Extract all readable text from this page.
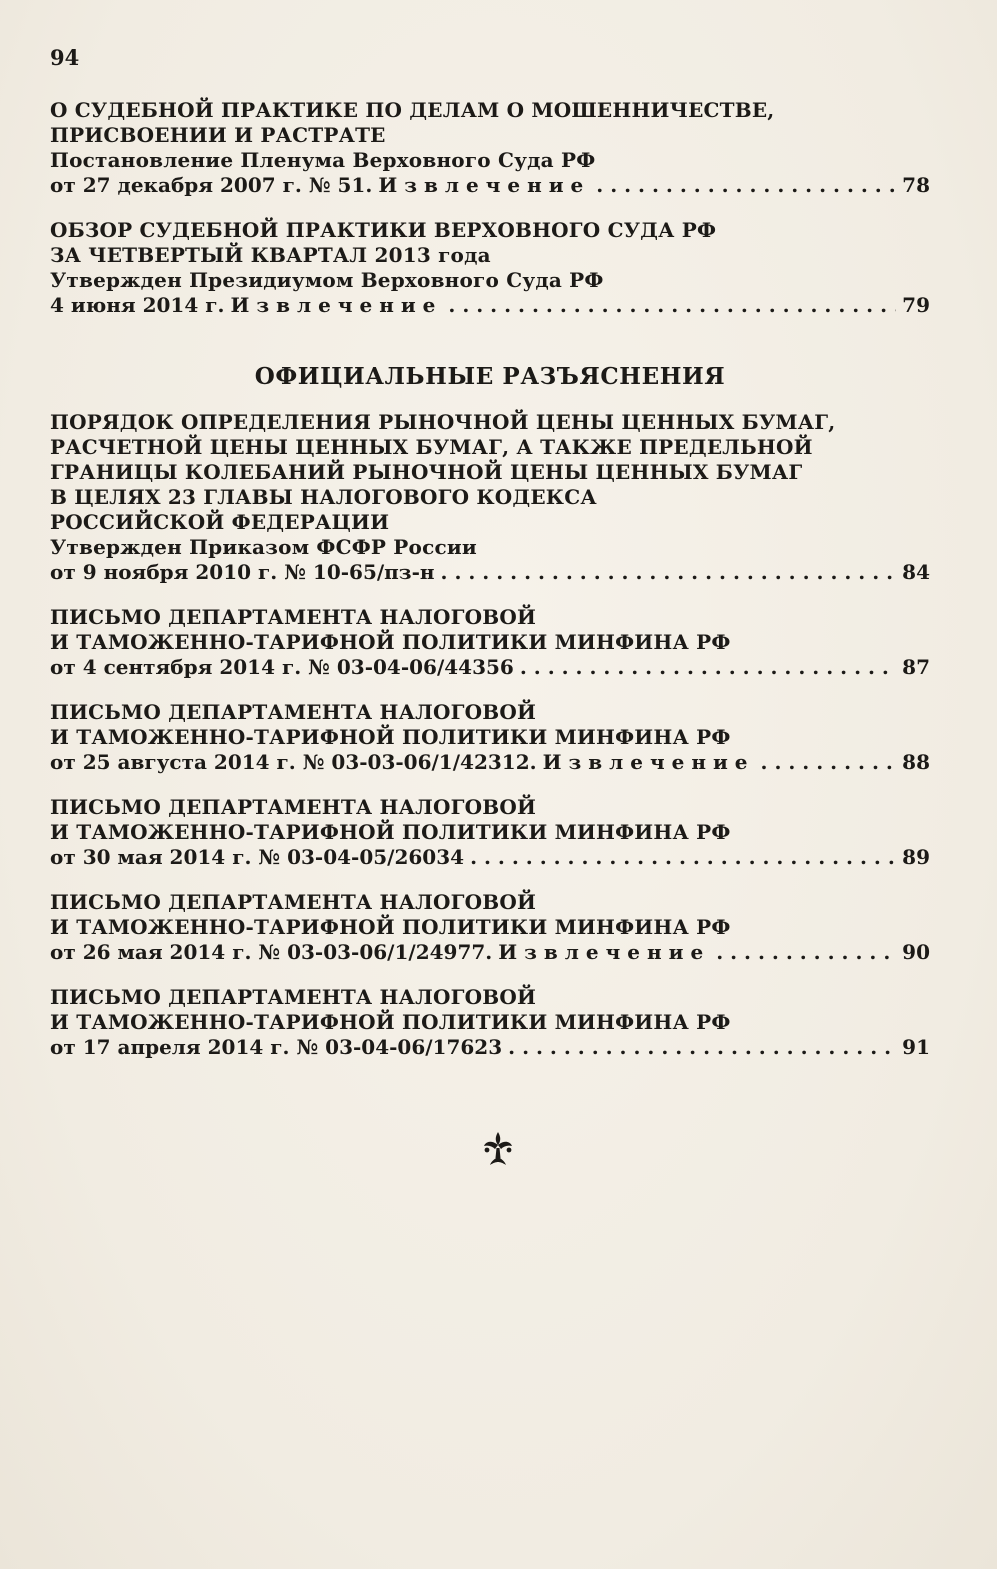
94
О СУДЕБНОЙ ПРАКТИКЕ ПО ДЕЛАМ О МОШЕННИЧЕСТВЕ,
ПРИСВОЕНИИ И РАСТРАТЕ
Постановление Пленума Верховного Суда РФ
от 27 декабря 2007 г. № 51. Извлечение . . .	78
ОБЗОР СУДЕБНОЙ ПРАКТИКИ ВЕРХОВНОГО СУДА РФ
ЗА ЧЕТВЕРТЫЙ КВАРТАЛ 2013 года
Утвержден Президиумом Верховного Суда РФ
4 июня 2014 г. Извлечение . . .	79
ОФИЦИАЛЬНЫЕ РАЗЪЯСНЕНИЯ
ПОРЯДОК ОПРЕДЕЛЕНИЯ РЫНОЧНОЙ ЦЕНЫ ЦЕННЫХ БУМАГ,
РАСЧЕТНОЙ ЦЕНЫ ЦЕННЫХ БУМАГ, А ТАКЖЕ ПРЕДЕЛЬНОЙ
ГРАНИЦЫ КОЛЕБАНИЙ РЫНОЧНОЙ ЦЕНЫ ЦЕННЫХ БУМАГ
В ЦЕЛЯХ 23 ГЛАВЫ НАЛОГОВОГО КОДЕКСА
РОССИЙСКОЙ ФЕДЕРАЦИИ
Утвержден Приказом ФСФР России
от 9 ноября 2010 г. № 10-65/пз-н . . .	84
ПИСЬМО ДЕПАРТАМЕНТА НАЛОГОВОЙ
И ТАМОЖЕННО-ТАРИФНОЙ ПОЛИТИКИ МИНФИНА РФ
от 4 сентября 2014 г. № 03-04-06/44356 . . .	87
ПИСЬМО ДЕПАРТАМЕНТА НАЛОГОВОЙ
И ТАМОЖЕННО-ТАРИФНОЙ ПОЛИТИКИ МИНФИНА РФ
от 25 августа 2014 г. № 03-03-06/1/42312. Извлечение . . .	88
ПИСЬМО ДЕПАРТАМЕНТА НАЛОГОВОЙ
И ТАМОЖЕННО-ТАРИФНОЙ ПОЛИТИКИ МИНФИНА РФ
от 30 мая 2014 г. № 03-04-05/26034 . . .	89
ПИСЬМО ДЕПАРТАМЕНТА НАЛОГОВОЙ
И ТАМОЖЕННО-ТАРИФНОЙ ПОЛИТИКИ МИНФИНА РФ
от 26 мая 2014 г. № 03-03-06/1/24977. Извлечение . . .	90
ПИСЬМО ДЕПАРТАМЕНТА НАЛОГОВОЙ
И ТАМОЖЕННО-ТАРИФНОЙ ПОЛИТИКИ МИНФИНА РФ
от 17 апреля 2014 г. № 03-04-06/17623 . . .	91
